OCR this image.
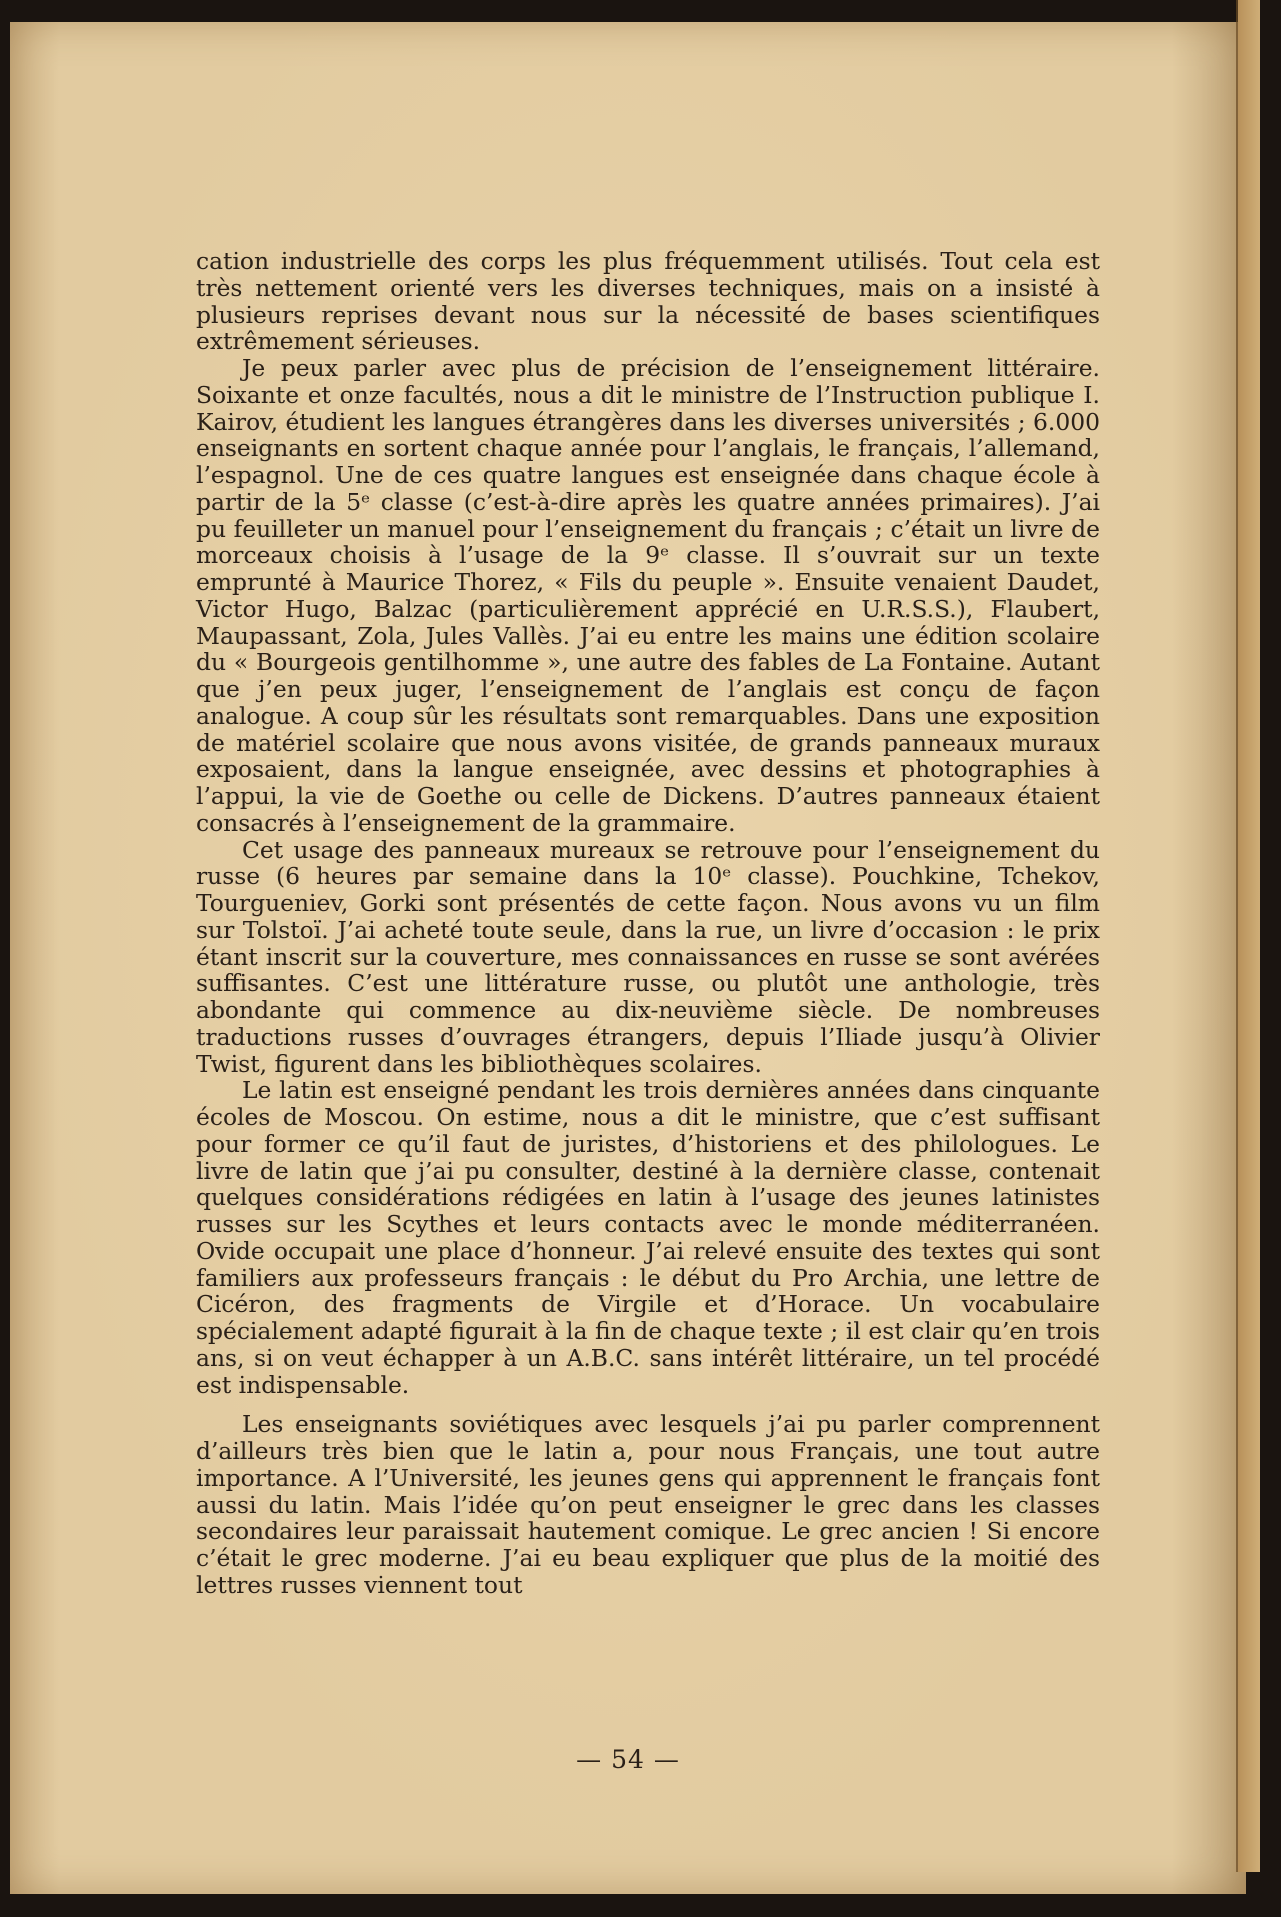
cation industrielle des corps les plus fréquemment utilisés. Tout cela est très nettement orienté vers les diverses techniques, mais on a insisté à plusieurs reprises devant nous sur la nécessité de bases scientifiques extrêmement sérieuses.

Je peux parler avec plus de précision de l’enseignement littéraire. Soixante et onze facultés, nous a dit le ministre de l’Instruction publique I. Kairov, étudient les langues étrangères dans les diverses universités ; 6.000 enseignants en sortent chaque année pour l’anglais, le français, l’allemand, l’espagnol. Une de ces quatre langues est enseignée dans chaque école à partir de la 5ᵉ classe (c’est-à-dire après les quatre années primaires). J’ai pu feuilleter un manuel pour l’enseignement du français ; c’était un livre de morceaux choisis à l’usage de la 9ᵉ classe. Il s’ouvrait sur un texte emprunté à Maurice Thorez, « Fils du peuple ». Ensuite venaient Daudet, Victor Hugo, Balzac (particulièrement apprécié en U.R.S.S.), Flaubert, Maupassant, Zola, Jules Vallès. J’ai eu entre les mains une édition scolaire du « Bourgeois gentilhomme », une autre des fables de La Fontaine. Autant que j’en peux juger, l’enseignement de l’anglais est conçu de façon analogue. A coup sûr les résultats sont remarquables. Dans une exposition de matériel scolaire que nous avons visitée, de grands panneaux muraux exposaient, dans la langue enseignée, avec dessins et photographies à l’appui, la vie de Goethe ou celle de Dickens. D’autres panneaux étaient consacrés à l’enseignement de la grammaire.

Cet usage des panneaux mureaux se retrouve pour l’enseignement du russe (6 heures par semaine dans la 10ᵉ classe). Pouchkine, Tchekov, Tourgueniev, Gorki sont présentés de cette façon. Nous avons vu un film sur Tolstoï. J’ai acheté toute seule, dans la rue, un livre d’occasion : le prix étant inscrit sur la couverture, mes connaissances en russe se sont avérées suffisantes. C’est une littérature russe, ou plutôt une anthologie, très abondante qui commence au dix-neuvième siècle. De nombreuses traductions russes d’ouvrages étrangers, depuis l’Iliade jusqu’à Olivier Twist, figurent dans les bibliothèques scolaires.

Le latin est enseigné pendant les trois dernières années dans cinquante écoles de Moscou. On estime, nous a dit le ministre, que c’est suffisant pour former ce qu’il faut de juristes, d’historiens et des philologues. Le livre de latin que j’ai pu consulter, destiné à la dernière classe, contenait quelques considérations rédigées en latin à l’usage des jeunes latinistes russes sur les Scythes et leurs contacts avec le monde méditerranéen. Ovide occupait une place d’honneur. J’ai relevé ensuite des textes qui sont familiers aux professeurs français : le début du Pro Archia, une lettre de Cicéron, des fragments de Virgile et d’Horace. Un vocabulaire spécialement adapté figurait à la fin de chaque texte ; il est clair qu’en trois ans, si on veut échapper à un A.B.C. sans intérêt littéraire, un tel procédé est indispensable.

Les enseignants soviétiques avec lesquels j’ai pu parler comprennent d’ailleurs très bien que le latin a, pour nous Français, une tout autre importance. A l’Université, les jeunes gens qui apprennent le français font aussi du latin. Mais l’idée qu’on peut enseigner le grec dans les classes secondaires leur paraissait hautement comique. Le grec ancien ! Si encore c’était le grec moderne. J’ai eu beau expliquer que plus de la moitié des lettres russes viennent tout

— 54 —
